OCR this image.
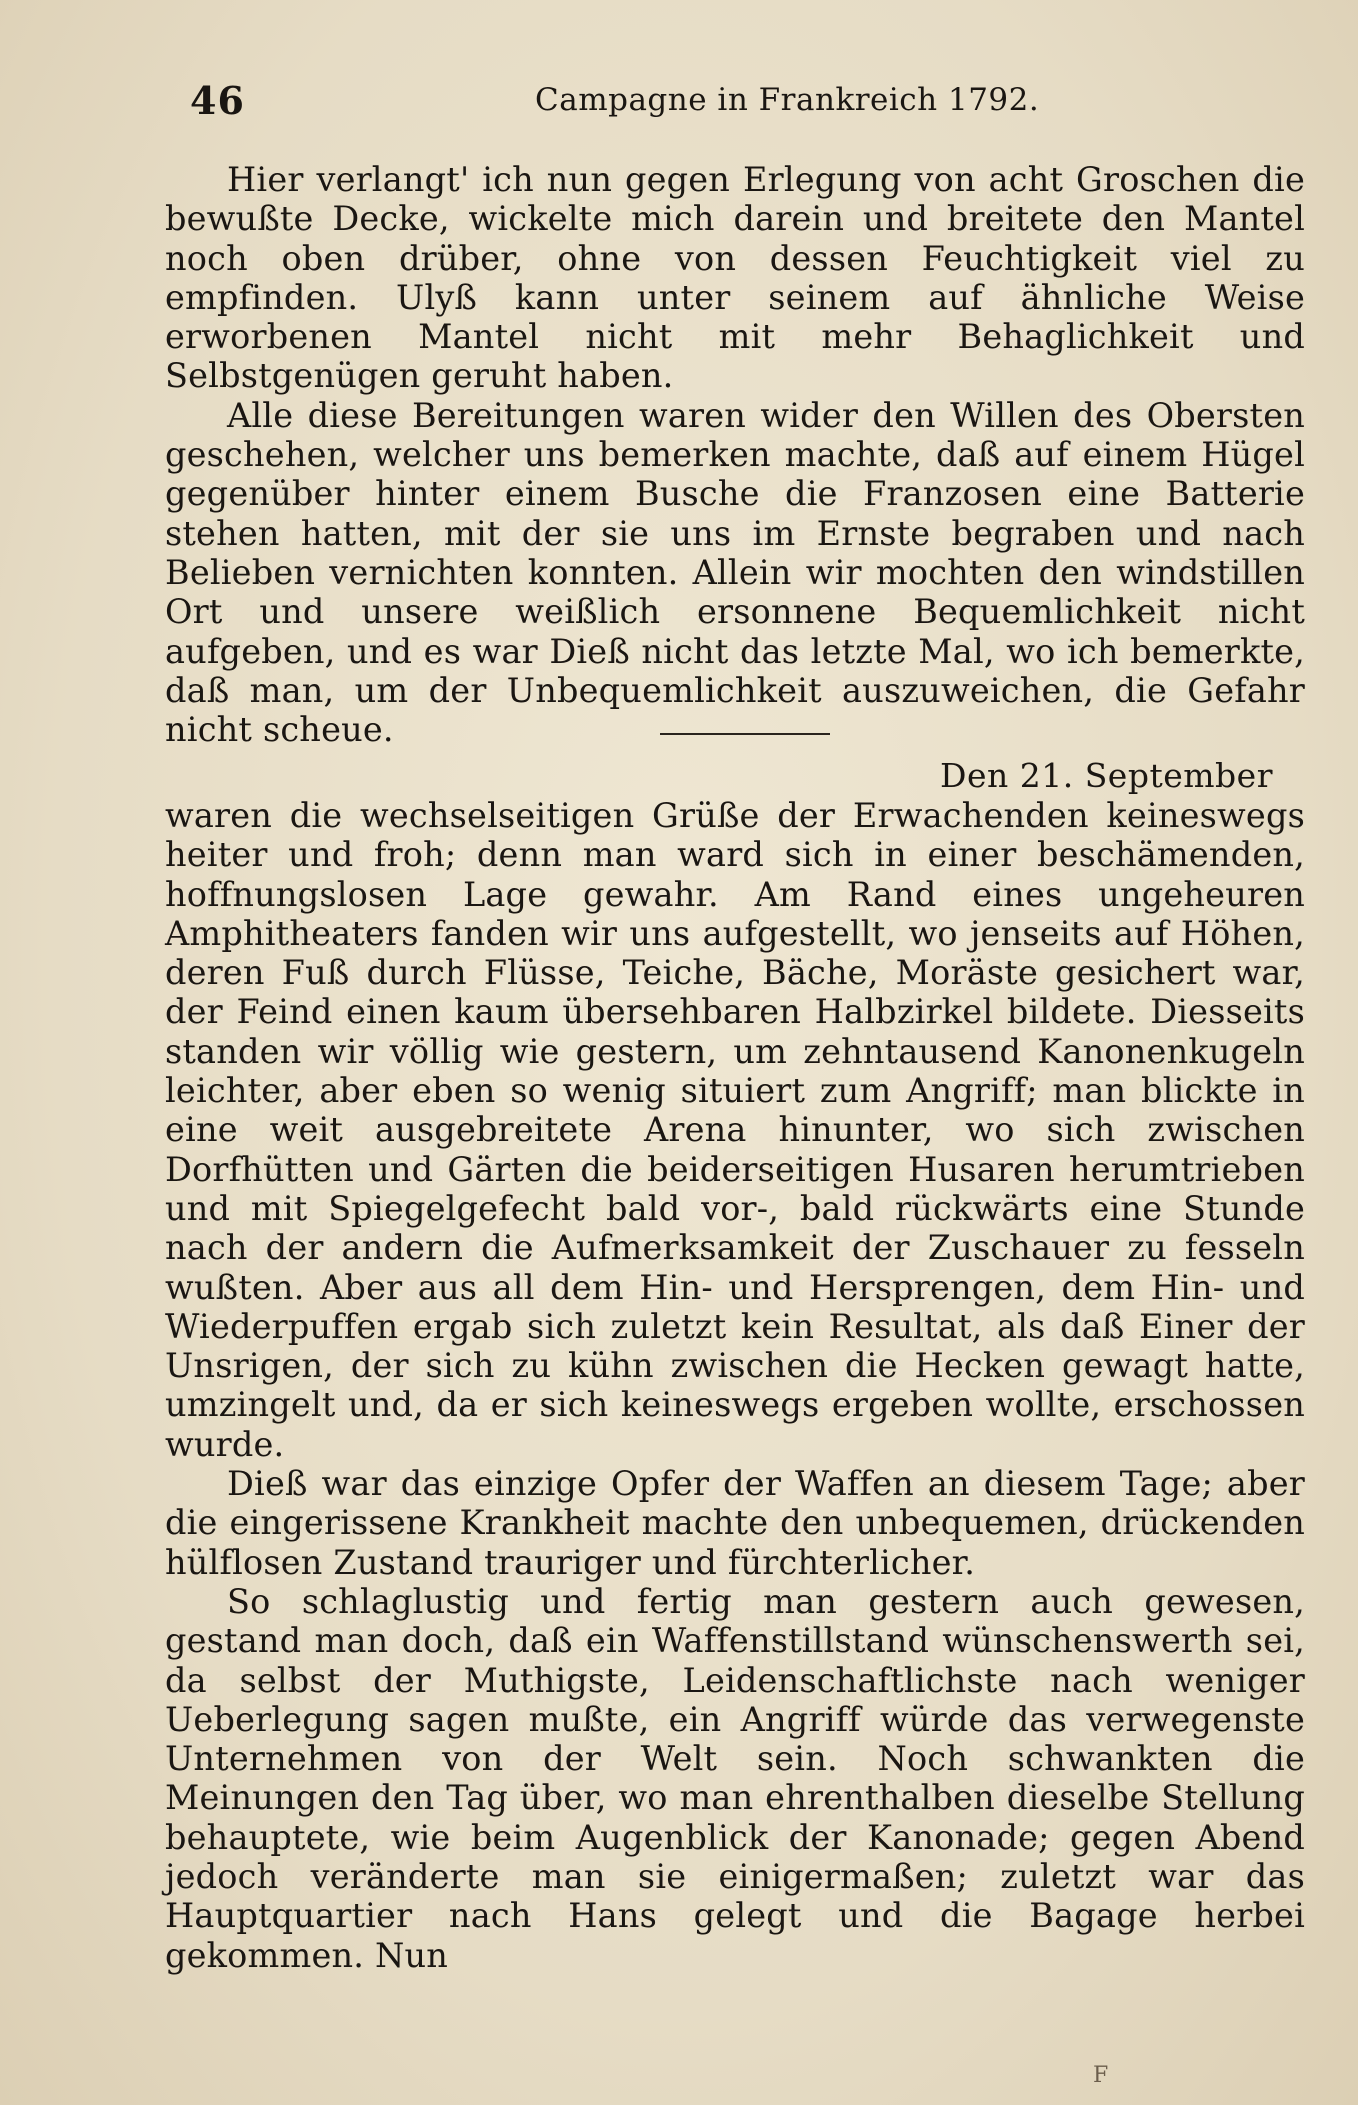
46	Campagne in Frankreich 1792.

Hier verlangt' ich nun gegen Erlegung von acht Groschen die bewußte Decke, wickelte mich darein und breitete den Mantel noch oben drüber, ohne von dessen Feuchtigkeit viel zu empfinden. Ulyß kann unter seinem auf ähnliche Weise erworbenen Mantel nicht mit mehr Behaglichkeit und Selbstgenügen geruht haben.

Alle diese Bereitungen waren wider den Willen des Obersten geschehen, welcher uns bemerken machte, daß auf einem Hügel gegenüber hinter einem Busche die Franzosen eine Batterie stehen hatten, mit der sie uns im Ernste begraben und nach Belieben vernichten konnten. Allein wir mochten den windstillen Ort und unsere weißlich ersonnene Bequemlichkeit nicht aufgeben, und es war Dieß nicht das letzte Mal, wo ich bemerkte, daß man, um der Unbequemlichkeit auszuweichen, die Gefahr nicht scheue.

Den 21. September

waren die wechselseitigen Grüße der Erwachenden keineswegs heiter und froh; denn man ward sich in einer beschämenden, hoffnungslosen Lage gewahr. Am Rand eines ungeheuren Amphitheaters fanden wir uns aufgestellt, wo jenseits auf Höhen, deren Fuß durch Flüsse, Teiche, Bäche, Moräste gesichert war, der Feind einen kaum übersehbaren Halbzirkel bildete. Diesseits standen wir völlig wie gestern, um zehntausend Kanonenkugeln leichter, aber eben so wenig situiert zum Angriff; man blickte in eine weit ausgebreitete Arena hinunter, wo sich zwischen Dorfhütten und Gärten die beiderseitigen Husaren herumtrieben und mit Spiegelgefecht bald vor-, bald rückwärts eine Stunde nach der andern die Aufmerksamkeit der Zuschauer zu fesseln wußten. Aber aus all dem Hin- und Hersprengen, dem Hin- und Wiederpuffen ergab sich zuletzt kein Resultat, als daß Einer der Unsrigen, der sich zu kühn zwischen die Hecken gewagt hatte, umzingelt und, da er sich keineswegs ergeben wollte, erschossen wurde.

Dieß war das einzige Opfer der Waffen an diesem Tage; aber die eingerissene Krankheit machte den unbequemen, drückenden hülflosen Zustand trauriger und fürchterlicher.

So schlaglustig und fertig man gestern auch gewesen, gestand man doch, daß ein Waffenstillstand wünschenswerth sei, da selbst der Muthigste, Leidenschaftlichste nach weniger Ueberlegung sagen mußte, ein Angriff würde das verwegenste Unternehmen von der Welt sein. Noch schwankten die Meinungen den Tag über, wo man ehrenthalben dieselbe Stellung behauptete, wie beim Augenblick der Kanonade; gegen Abend jedoch veränderte man sie einigermaßen; zuletzt war das Hauptquartier nach Hans gelegt und die Bagage herbei gekommen. Nun

F
